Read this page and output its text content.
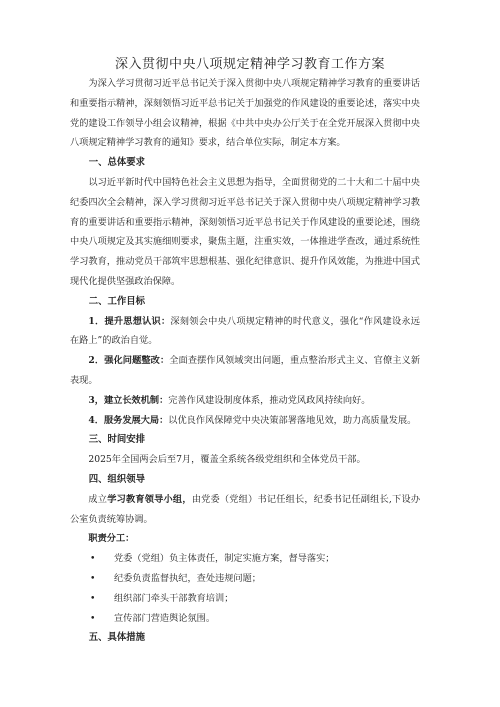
深入贯彻中央八项规定精神学习教育工作方案

为深入学习贯彻习近平总书记关于深入贯彻中央八项规定精神学习教育的重要讲话和重要指示精神，深刻领悟习近平总书记关于加强党的作风建设的重要论述，落实中央党的建设工作领导小组会议精神，根据《中共中央办公厅关于在全党开展深入贯彻中央八项规定精神学习教育的通知》要求，结合单位实际，制定本方案。

一、总体要求

以习近平新时代中国特色社会主义思想为指导，全面贯彻党的二十大和二十届中央纪委四次全会精神，深入学习贯彻习近平总书记关于深入贯彻中央八项规定精神学习教育的重要讲话和重要指示精神，深刻领悟习近平总书记关于作风建设的重要论述，围绕中央八项规定及其实施细则要求，聚焦主题，注重实效，一体推进学查改，通过系统性学习教育，推动党员干部筑牢思想根基、强化纪律意识、提升作风效能，为推进中国式现代化提供坚强政治保障。

二、工作目标

1．提升思想认识：深刻领会中央八项规定精神的时代意义，强化“作风建设永远在路上”的政治自觉。

2．强化问题整改：全面查摆作风领域突出问题，重点整治形式主义、官僚主义新表现。

3，建立长效机制：完善作风建设制度体系，推动党风政风持续向好。

4．服务发展大局：以优良作风保障党中央决策部署落地见效，助力高质量发展。

三、时间安排

2025年全国两会后至7月，覆盖全系统各级党组织和全体党员干部。

四、组织领导

成立学习教育领导小组，由党委（党组）书记任组长，纪委书记任副组长,下设办公室负责统筹协调。

职责分工：

• 党委（党组）负主体责任，制定实施方案，督导落实；
• 纪委负责监督执纪，查处违规问题；
• 组织部门牵头干部教育培训；
• 宣传部门营造舆论氛围。
五、具体措施
